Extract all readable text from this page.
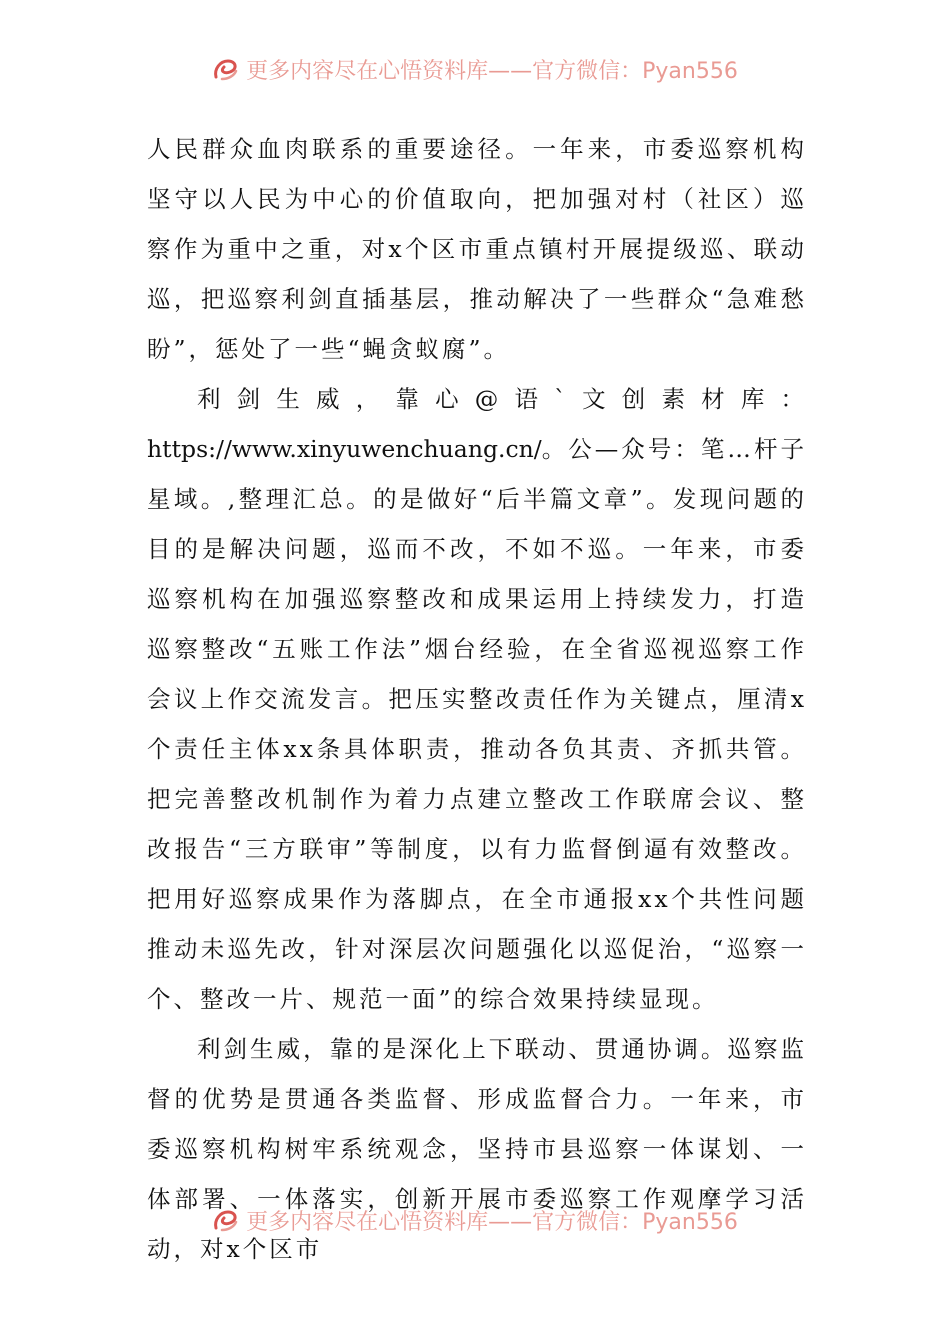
更多内容尽在心悟资料库——官方微信：Pyan556

人民群众血肉联系的重要途径。一年来，市委巡察机构坚守以人民为中心的价值取向，把加强对村（社区）巡察作为重中之重，对x个区市重点镇村开展提级巡、联动巡，把巡察利剑直插基层，推动解决了一些群众“急难愁盼”，惩处了一些“蝇贪蚁腐”。

利剑生威，靠心@语`文创素材库：https://www.xinyuwenchuang.cn/。公—众号：笔…杆子星域。,整理汇总。的是做好“后半篇文章”。发现问题的目的是解决问题，巡而不改，不如不巡。一年来，市委巡察机构在加强巡察整改和成果运用上持续发力，打造巡察整改“五账工作法”烟台经验，在全省巡视巡察工作会议上作交流发言。把压实整改责任作为关键点，厘清x个责任主体xx条具体职责，推动各负其责、齐抓共管。把完善整改机制作为着力点建立整改工作联席会议、整改报告“三方联审”等制度，以有力监督倒逼有效整改。把用好巡察成果作为落脚点，在全市通报xx个共性问题推动未巡先改，针对深层次问题强化以巡促治，“巡察一个、整改一片、规范一面”的综合效果持续显现。

利剑生威，靠的是深化上下联动、贯通协调。巡察监督的优势是贯通各类监督、形成监督合力。一年来，市委巡察机构树牢系统观念，坚持市县巡察一体谋划、一体部署、一体落实，创新开展市委巡察工作观摩学习活动，对x个区市

更多内容尽在心悟资料库——官方微信：Pyan556
